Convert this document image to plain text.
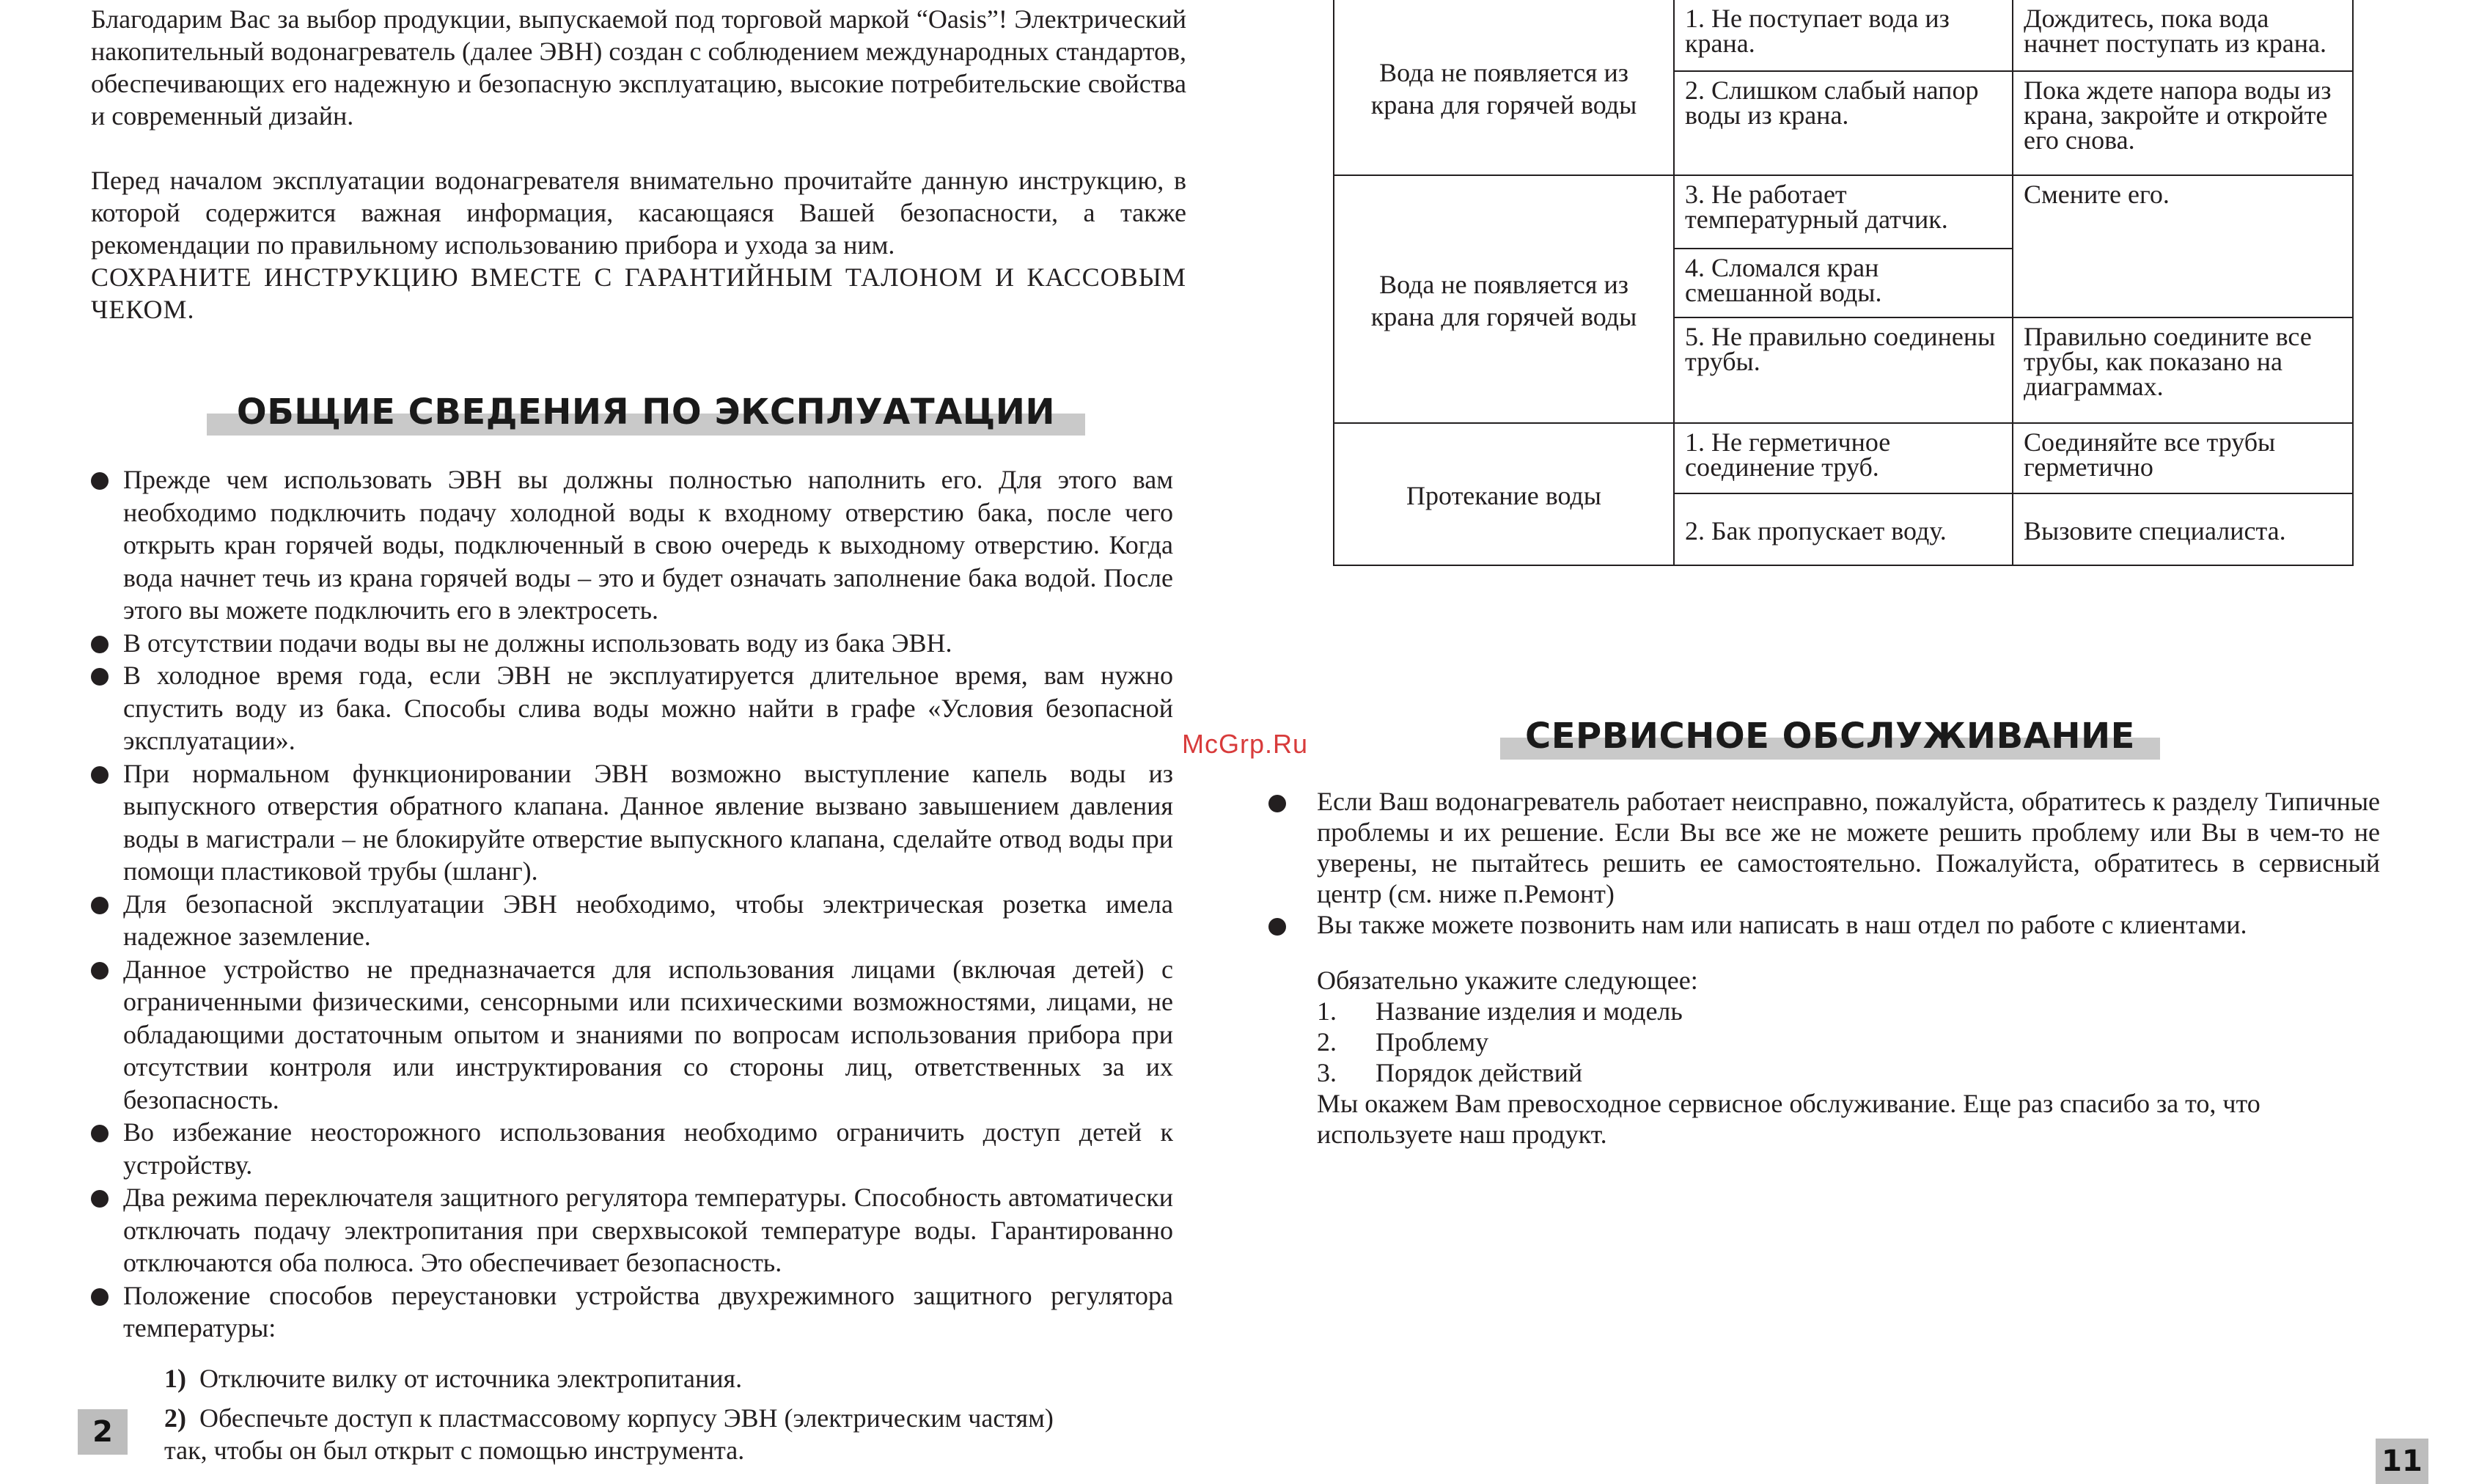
Благодарим Вас за выбор продукции, выпускаемой под торговой маркой “Oasis”! Электрический накопительный водонагреватель (далее ЭВН) создан с соблюдением международных стандартов, обеспечивающих его надежную и безопасную эксплуатацию, высокие потребительские свойства и современный дизайн.

Перед началом эксплуатации водонагревателя внимательно прочитайте данную инструкцию, в которой содержится важная информация, касающаяся Вашей безопасности, а также рекомендации по правильному использованию прибора и ухода за ним.

СОХРАНИТЕ ИНСТРУКЦИЮ ВМЕСТЕ С ГАРАНТИЙНЫМ ТАЛОНОМ И КАССОВЫМ ЧЕКОМ.

ОБЩИЕ СВЕДЕНИЯ ПО ЭКСПЛУАТАЦИИ
Прежде чем использовать ЭВН вы должны полностью наполнить его. Для этого вам необходимо подключить подачу холодной воды к входному отверстию бака, после чего открыть кран горячей воды, подключенный в свою очередь к выходному отверстию. Когда вода начнет течь из крана горячей воды – это и будет означать заполнение бака водой. После этого вы можете подключить его в электросеть.
В отсутствии подачи воды вы не должны использовать воду из бака ЭВН.
В холодное время года, если ЭВН не эксплуатируется длительное время, вам нужно спустить воду из бака. Способы слива воды можно найти в графе «Условия безопасной эксплуатации».
При нормальном функционировании ЭВН возможно выступление капель воды из выпускного отверстия обратного клапана. Данное явление вызвано завышением давления воды в магистрали – не блокируйте отверстие выпускного клапана, сделайте отвод воды при помощи пластиковой трубы (шланг).
Для безопасной эксплуатации ЭВН необходимо, чтобы электрическая розетка имела надежное заземление.
Данное устройство не предназначается для использования лицами (включая детей) с ограниченными физическими, сенсорными или психическими возможностями, лицами, не обладающими достаточным опытом и знаниями по вопросам использования прибора при отсутствии контроля или инструктирования со стороны лиц, ответственных за их безопасность.
Во избежание неосторожного использования необходимо ограничить доступ детей к устройству.
Два режима переключателя защитного регулятора температуры. Способность автоматически отключать подачу электропитания при сверхвысокой температуре воды. Гарантированно отключаются оба полюса. Это обеспечивает безопасность.
Положение способов переустановки устройства двухрежимного защитного регулятора температуры:
1) Отключите вилку от источника электропитания.
2) Обеспечьте доступ к пластмассовому корпусу ЭВН (электрическим частям)
так, чтобы он был открыт с помощью инструмента.
2
McGrp.Ru
Вода не появляется из крана для горячей воды	1. Не поступает вода из крана.	Дождитесь, пока вода начнет поступать из крана.
	2. Слишком слабый напор воды из крана.	Пока ждете напора воды из крана, закройте и откройте его снова.
Вода не появляется из крана для горячей воды	3. Не работает температурный датчик.	Смените его.
	4. Сломался кран смешанной воды.	
	5. Не правильно соединены трубы.	Правильно соедините все трубы, как показано на диаграммах.
Протекание воды	1. Не герметичное соединение труб.	Соединяйте все трубы герметично
	2. Бак пропускает воду.	Вызовите специалиста.
СЕРВИСНОЕ ОБСЛУЖИВАНИЕ
Если Ваш водонагреватель работает неисправно, пожалуйста, обратитесь к разделу Типичные проблемы и их решение. Если Вы все же не можете решить проблему или Вы в чем-то не уверены, не пытайтесь решить ее самостоятельно. Пожалуйста, обратитесь в сервисный центр (см. ниже п.Ремонт)
Вы также можете позвонить нам или написать в наш отдел по работе с клиентами.
Обязательно укажите следующее:
1.	Название изделия и модель
2.	Проблему
3.	Порядок действий
Мы окажем Вам превосходное сервисное обслуживание. Еще раз спасибо за то, что используете наш продукт.
11
